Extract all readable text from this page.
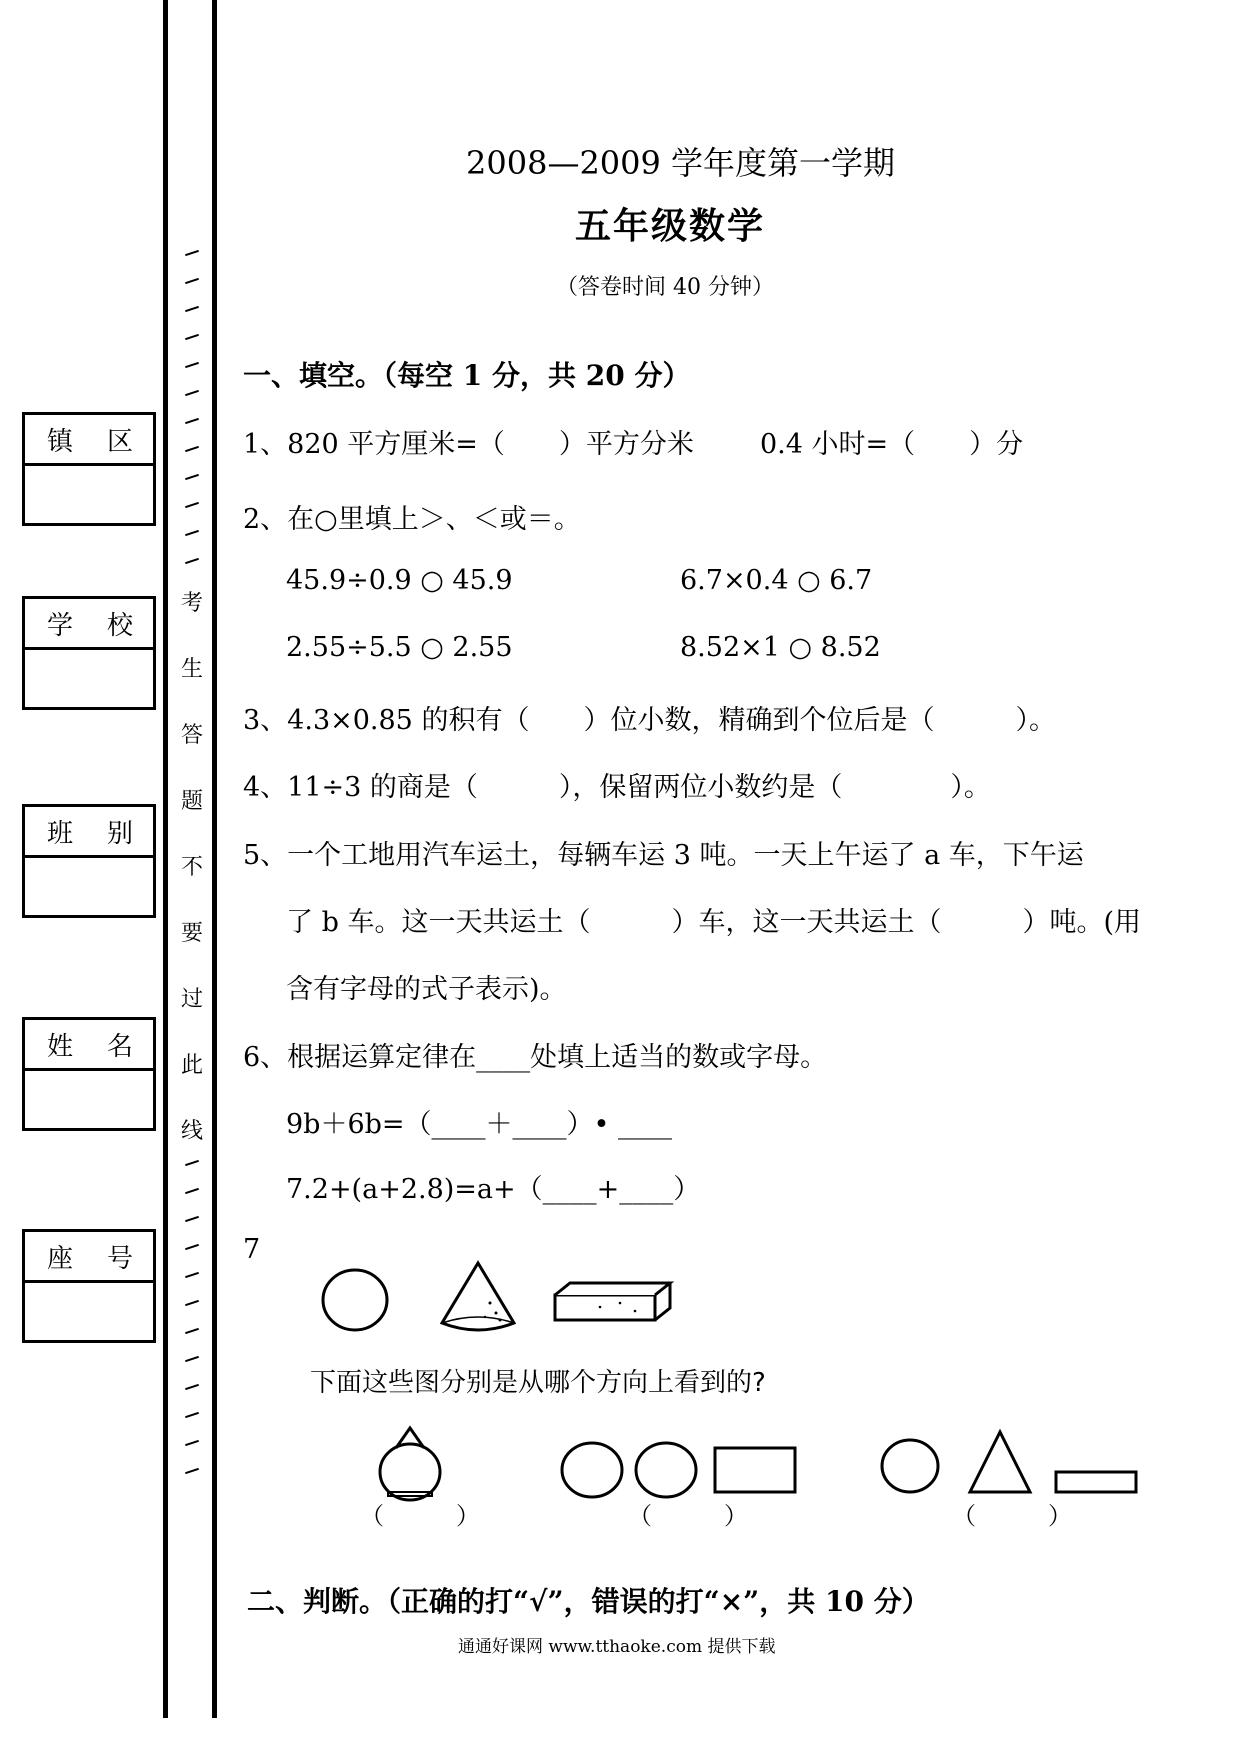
镇 区
学 校
班 别
姓 名
座 号
考
生
答
题
不
要
过
此
线
2008—2009 学年度第一学期
五年级数学
（答卷时间 40 分钟）
一、填空。（每空 1 分，共 20 分）
1、820 平方厘米=（　　）平方分米 0.4 小时=（　　）分
2、在○里填上＞、＜或＝。
45.9÷0.9 ○ 45.9	6.7×0.4 ○ 6.7
2.55÷5.5 ○ 2.55	8.52×1 ○ 8.52
3、4.3×0.85 的积有（　　）位小数，精确到个位后是（　　　）。
4、11÷3 的商是（　　　），保留两位小数约是（　　　　）。
5、一个工地用汽车运土，每辆车运 3 吨。一天上午运了 a 车，下午运
了 b 车。这一天共运土（　　　）车，这一天共运土（　　　）吨。(用
含有字母的式子表示)。
6、根据运算定律在____处填上适当的数或字母。
9b＋6b=（____＋____）• ____
7.2+(a+2.8)=a+（____+____）
7
下面这些图分别是从哪个方向上看到的?
（　　　）	（　　　）	（　　　）
二、判断。（正确的打“√”，错误的打“×”，共 10 分）
通通好课网 www.tthaoke.com 提供下载
